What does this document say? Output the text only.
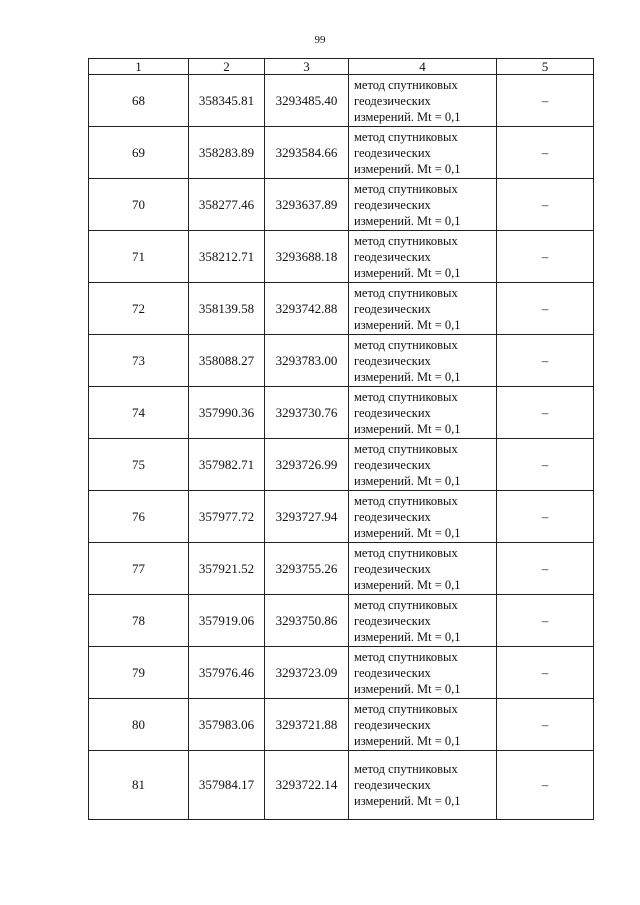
99
1	2	3	4	5
68	358345.81	3293485.40	метод спутниковых
геодезических
измерений. Mt = 0,1	–
69	358283.89	3293584.66	метод спутниковых
геодезических
измерений. Mt = 0,1	–
70	358277.46	3293637.89	метод спутниковых
геодезических
измерений. Mt = 0,1	–
71	358212.71	3293688.18	метод спутниковых
геодезических
измерений. Mt = 0,1	–
72	358139.58	3293742.88	метод спутниковых
геодезических
измерений. Mt = 0,1	–
73	358088.27	3293783.00	метод спутниковых
геодезических
измерений. Mt = 0,1	–
74	357990.36	3293730.76	метод спутниковых
геодезических
измерений. Mt = 0,1	–
75	357982.71	3293726.99	метод спутниковых
геодезических
измерений. Mt = 0,1	–
76	357977.72	3293727.94	метод спутниковых
геодезических
измерений. Mt = 0,1	–
77	357921.52	3293755.26	метод спутниковых
геодезических
измерений. Mt = 0,1	–
78	357919.06	3293750.86	метод спутниковых
геодезических
измерений. Mt = 0,1	–
79	357976.46	3293723.09	метод спутниковых
геодезических
измерений. Mt = 0,1	–
80	357983.06	3293721.88	метод спутниковых
геодезических
измерений. Mt = 0,1	–
81	357984.17	3293722.14	метод спутниковых
геодезических
измерений. Mt = 0,1	–
